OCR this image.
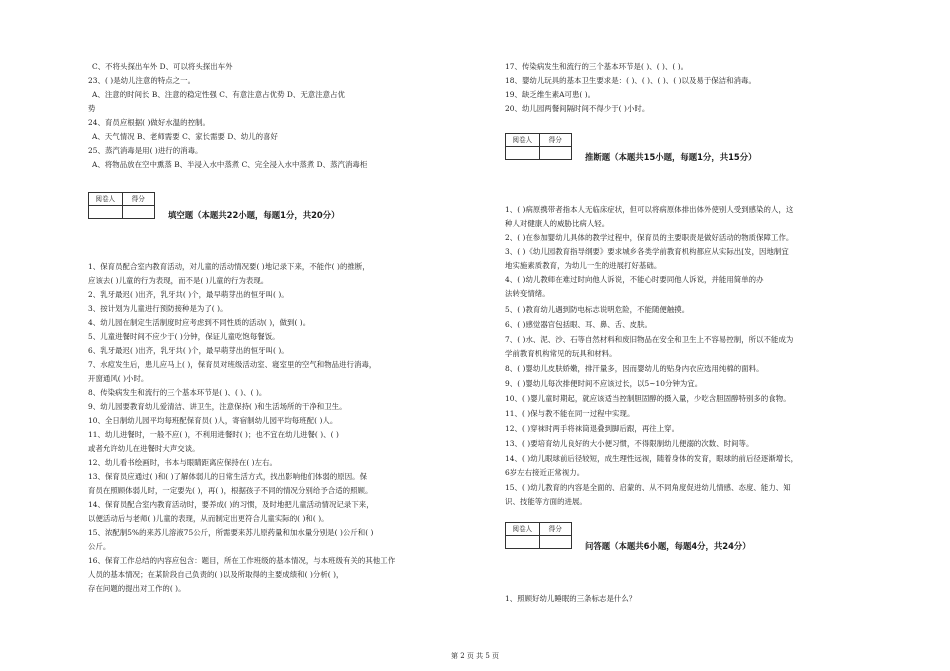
C、不将头探出车外 D、可以将头探出车外
23、( )是幼儿注意的特点之一。
A、注意的时间长 B、注意的稳定性强 C、有意注意占优势 D、无意注意占优
势
24、育员应根据( )做好水温的控制。
A、天气情况 B、老师需要 C、家长需要 D、幼儿的喜好
25、蒸汽消毒是用( )进行的消毒。
A、将物品放在空中熏蒸 B、半浸入水中蒸煮 C、完全浸入水中蒸煮 D、蒸汽消毒柜
阅卷人	得分
填空题（本题共22小题，每题1分，共20分）
1、保育员配合室内教育活动，对儿童的活动情况要( )地记录下来，不能作( )的推断，
应该去( )儿童的行为表现，而不是( )儿童的行为表现。
2、乳牙最迟( )出齐，乳牙共( )个，最早萌芽出的恒牙叫( )。
3、按计划为儿童进行预防接种是为了( )。
4、幼儿园在制定生活制度时应考虑到不同性质的活动( )，做到( )。
5、儿童进餐时间不应少于( )分钟，保证儿童吃饱每餐饭。
6、乳牙最迟( )出齐，乳牙共( )个，最早萌芽出的恒牙叫( )。
7、水痘发生后，患儿应马上( )，保育员对班级活动室、寝室里的空气和物品进行消毒，
开窗通风( )小时。
8、传染病发生和流行的三个基本环节是( )、( )、( )。
9、幼儿园要教育幼儿爱清洁、讲卫生，注意保持( )和生活场所的干净和卫生。
10、全日制幼儿园平均每班配保育员( )人，寄宿制幼儿园平均每班配( )人。
11、幼儿进餐时，一般不应( )，不利用进餐时( )；也不宜在幼儿进餐( )、( )
或者允许幼儿在进餐时大声交谈。
12、幼儿看书绘画时，书本与眼睛距离应保持在( )左右。
13、保育员应通过( )和( )了解体弱儿的日常生活方式，找出影响他们体弱的原因。保
育员在照顾体弱儿时，一定要先( )，再( )，根据孩子不同的情况分别给予合适的照顾。
14、保育员配合室内教育活动时，要养成( )的习惯，及时地把儿童活动情况记录下来，
以便活动后与老师( )儿童的表现，从而制定出更符合儿童实际的( )和( )。
15、浓配制5%的来苏儿溶液75公斤，所需要来苏儿原药量和加水量分别是( )公斤和( )
公斤。
16、保育工作总结的内容应包含：题目，所在工作班级的基本情况，与本班级有关的其他工作
人员的基本情况；在某阶段自己负责的( )以及所取得的主要成绩和( )分析( )，
存在问题的提出对工作的( )。
17、传染病发生和流行的三个基本环节是( )、( )、( )。
18、婴幼儿玩具的基本卫生要求是：( )、( )、( )、( )以及易于保洁和消毒。
19、缺乏维生素A可患( )。
20、幼儿园两餐间隔时间不得少于( )小时。
阅卷人	得分
推断题（本题共15小题，每题1分，共15分）
1、( )病原携带者指本人无临床症状，但可以将病原体排出体外使别人受到感染的人，这
种人对健康人的威胁比病人轻。
2、( )在参加婴幼儿具体的教学过程中，保育员的主要职责是做好活动的物质保障工作。
3、( )《幼儿园教育指导纲要》要求城乡各类学前教育机构都应从实际出[发，因地制宜
地实施素质教育，为幼儿一生的进展打好基础。
4、( )幼儿教师在难过时向他人诉说，不能心时要同他人诉说，并能用简单的办
法转变情绪。
5、( )教育幼儿遇到防电标志说明危险，不能随便触摸。
6、( )感觉器官包括眼、耳、鼻、舌、皮肤。
7、( )水、泥、沙、石等自然材料和废旧物品在安全和卫生上不容易控制，所以不能成为
学前教育机构常见的玩具和材料。
8、( )婴幼儿皮肤娇嫩，排汗量多，因而婴幼儿的贴身内衣应选用纯棉的面料。
9、( )婴幼儿每次排便时间不应该过长，以5~10分钟为宜。
10、( )婴儿童时期起，就应该适当控制胆固醇的摄入量，少吃含胆固醇特别多的食物。
11、( )保与教不能在同一过程中实现。
12、( )穿袜时两手将袜筒退叠到脚后跟，再往上穿。
13、( )要培育幼儿良好的大小便习惯，不得限制幼儿便溺的次数、时间等。
14、( )幼儿眼球前后径较短，成生理性远视，随着身体的发育，眼球的前后径逐渐增长，
6岁左右接近正常视力。
15、( )幼儿教育的内容是全面的、启蒙的、从不同角度促进幼儿情感、态度、能力、知
识、技能等方面的进展。
阅卷人	得分
问答题（本题共6小题，每题4分，共24分）
1、照顾好幼儿睡眠的三条标志是什么？
第 2 页 共 5 页
